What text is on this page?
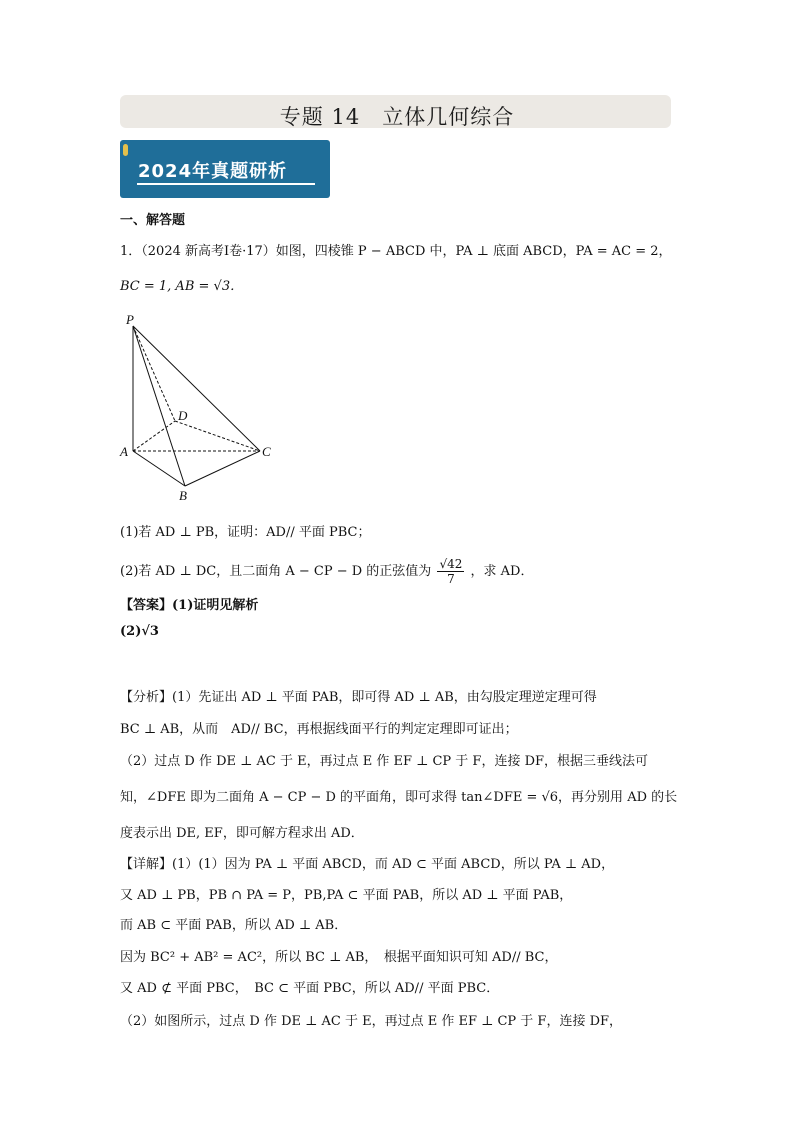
专题 14　立体几何综合
2024年真题研析
一、解答题
1．（2024 新高考Ⅰ卷·17）如图，四棱锥 P − ABCD 中，PA ⊥ 底面 ABCD，PA = AC = 2，
BC = 1, AB = √3．
P
D
A	C
B
(1)若 AD ⊥ PB，证明：AD// 平面 PBC；
(2)若 AD ⊥ DC，且二面角 A − CP − D 的正弦值为 $\frac{√42}{7}$ ，求 AD．
【答案】(1)证明见解析
(2)√3
【分析】(1）先证出 AD ⊥ 平面 PAB，即可得 AD ⊥ AB，由勾股定理逆定理可得
BC ⊥ AB，从而　AD// BC，再根据线面平行的判定定理即可证出；
（2）过点 D 作 DE ⊥ AC 于 E，再过点 E 作 EF ⊥ CP 于 F，连接 DF，根据三垂线法可
知，∠DFE 即为二面角 A − CP − D 的平面角，即可求得 tan∠DFE = √6，再分别用 AD 的长
度表示出 DE, EF，即可解方程求出 AD．
【详解】(1）(1）因为 PA ⊥ 平面 ABCD，而 AD ⊂ 平面 ABCD，所以 PA ⊥ AD，
又 AD ⊥ PB，PB ∩ PA = P，PB,PA ⊂ 平面 PAB，所以 AD ⊥ 平面 PAB，
而 AB ⊂ 平面 PAB，所以 AD ⊥ AB．
因为 BC² + AB² = AC²，所以 BC ⊥ AB，　根据平面知识可知 AD// BC，
又 AD ⊄ 平面 PBC，　BC ⊂ 平面 PBC，所以 AD// 平面 PBC．
（2）如图所示，过点 D 作 DE ⊥ AC 于 E，再过点 E 作 EF ⊥ CP 于 F，连接 DF，
